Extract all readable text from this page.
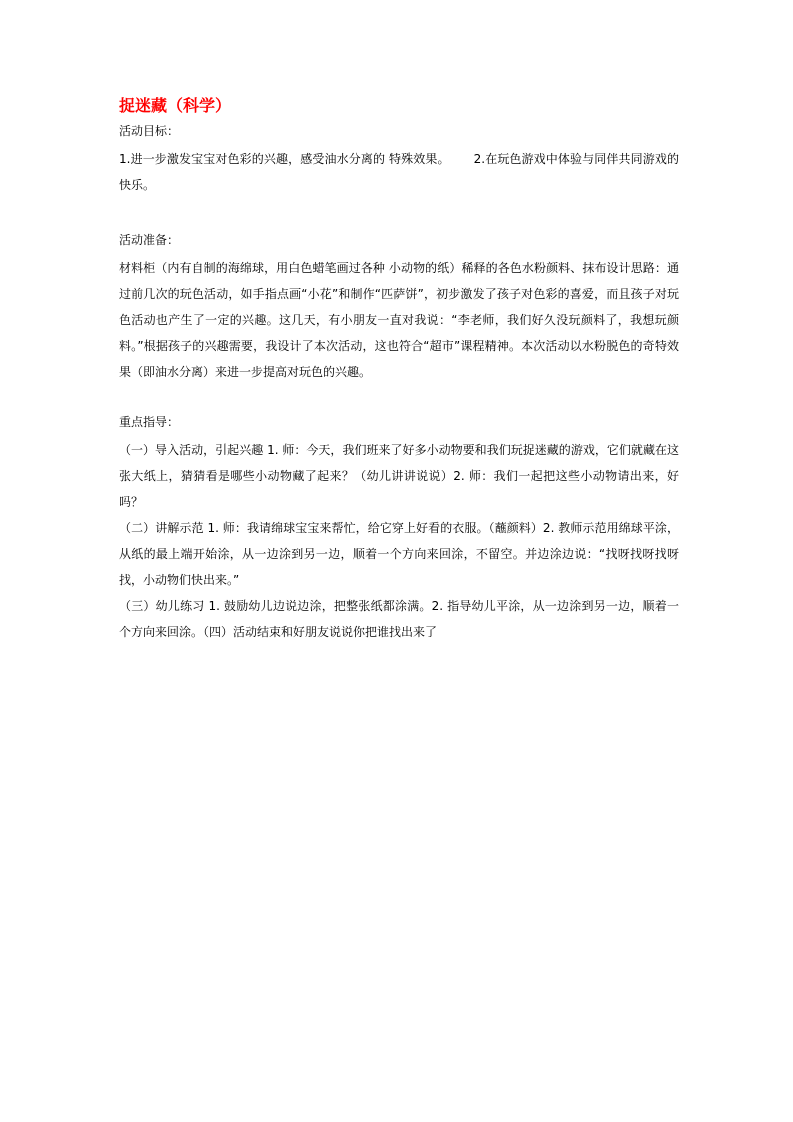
捉迷藏（科学）
活动目标：

1.进一步激发宝宝对色彩的兴趣，感受油水分离的 特殊效果。 2.在玩色游戏中体验与同伴共同游戏的快乐。

活动准备：

材料柜（内有自制的海绵球，用白色蜡笔画过各种 小动物的纸）稀释的各色水粉颜料、抹布设计思路：通过前几次的玩色活动，如手指点画“小花”和制作“匹萨饼”，初步激发了孩子对色彩的喜爱，而且孩子对玩色活动也产生了一定的兴趣。这几天，有小朋友一直对我说：“李老师，我们好久没玩颜料了，我想玩颜料。”根据孩子的兴趣需要，我设计了本次活动，这也符合“超市”课程精神。本次活动以水粉脱色的奇特效果（即油水分离）来进一步提高对玩色的兴趣。

重点指导：

（一）导入活动，引起兴趣 1. 师：今天，我们班来了好多小动物要和我们玩捉迷藏的游戏，它们就藏在这张大纸上，猜猜看是哪些小动物藏了起来？（幼儿讲讲说说）2. 师：我们一起把这些小动物请出来，好吗？

（二）讲解示范 1. 师：我请绵球宝宝来帮忙，给它穿上好看的衣服。（蘸颜料）2. 教师示范用绵球平涂，从纸的最上端开始涂，从一边涂到另一边，顺着一个方向来回涂，不留空。并边涂边说：“找呀找呀找呀找，小动物们快出来。”

（三）幼儿练习 1. 鼓励幼儿边说边涂，把整张纸都涂满。2. 指导幼儿平涂，从一边涂到另一边，顺着一个方向来回涂。（四）活动结束和好朋友说说你把谁找出来了
